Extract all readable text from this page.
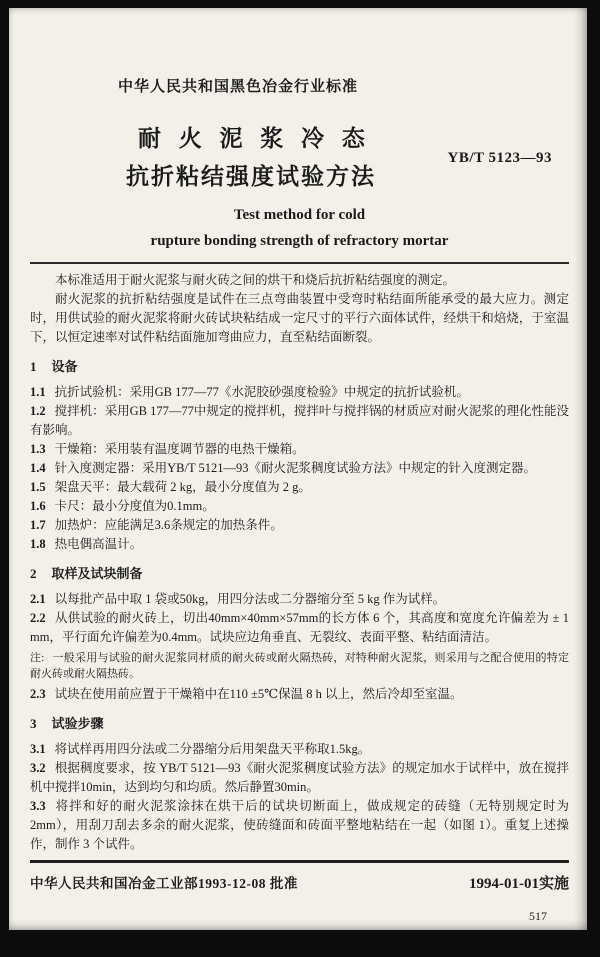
中华人民共和国黑色冶金行业标准
耐 火 泥 浆 冷 态
抗折粘结强度试验方法
YB/T 5123—93
Test method for cold
rupture bonding strength of refractory mortar

本标准适用于耐火泥浆与耐火砖之间的烘干和烧后抗折粘结强度的测定。

耐火泥浆的抗折粘结强度是试件在三点弯曲装置中受弯时粘结面所能承受的最大应力。测定时，用供试验的耐火泥浆将耐火砖试块粘结成一定尺寸的平行六面体试件，经烘干和焙烧，于室温下，以恒定速率对试件粘结面施加弯曲应力，直至粘结面断裂。

1 设备

1.1 抗折试验机：采用GB 177—77《水泥胶砂强度检验》中规定的抗折试验机。

1.2 搅拌机：采用GB 177—77中规定的搅拌机，搅拌叶与搅拌锅的材质应对耐火泥浆的理化性能没有影响。

1.3 干燥箱：采用装有温度调节器的电热干燥箱。

1.4 针入度测定器：采用YB/T 5121—93《耐火泥浆稠度试验方法》中规定的针入度测定器。

1.5 架盘天平：最大载荷 2 kg，最小分度值为 2 g。

1.6 卡尺：最小分度值为0.1mm。

1.7 加热炉：应能满足3.6条规定的加热条件。

1.8 热电偶高温计。

2 取样及试块制备

2.1 以每批产品中取 1 袋或50kg，用四分法或二分器缩分至 5 kg 作为试样。

2.2 从供试验的耐火砖上，切出40mm×40mm×57mm的长方体 6 个，其高度和宽度允许偏差为 ± 1 mm，平行面允许偏差为0.4mm。试块应边角垂直、无裂纹、表面平整、粘结面清洁。

注: 一般采用与试验的耐火泥浆同材质的耐火砖或耐火隔热砖，对特种耐火泥浆，则采用与之配合使用的特定耐火砖或耐火隔热砖。

2.3 试块在使用前应置于干燥箱中在110 ±5℃保温 8 h 以上，然后冷却至室温。

3 试验步骤

3.1 将试样再用四分法或二分器缩分后用架盘天平称取1.5kg。

3.2 根据稠度要求，按 YB/T 5121—93《耐火泥浆稠度试验方法》的规定加水于试样中，放在搅拌机中搅拌10min，达到均匀和均质。然后静置30min。

3.3 将拌和好的耐火泥浆涂抹在烘干后的试块切断面上，做成规定的砖缝（无特别规定时为2mm），用刮刀刮去多余的耐火泥浆，使砖缝面和砖面平整地粘结在一起（如图 1）。重复上述操作，制作 3 个试件。

中华人民共和国冶金工业部1993-12-08 批准	1994-01-01实施
517
